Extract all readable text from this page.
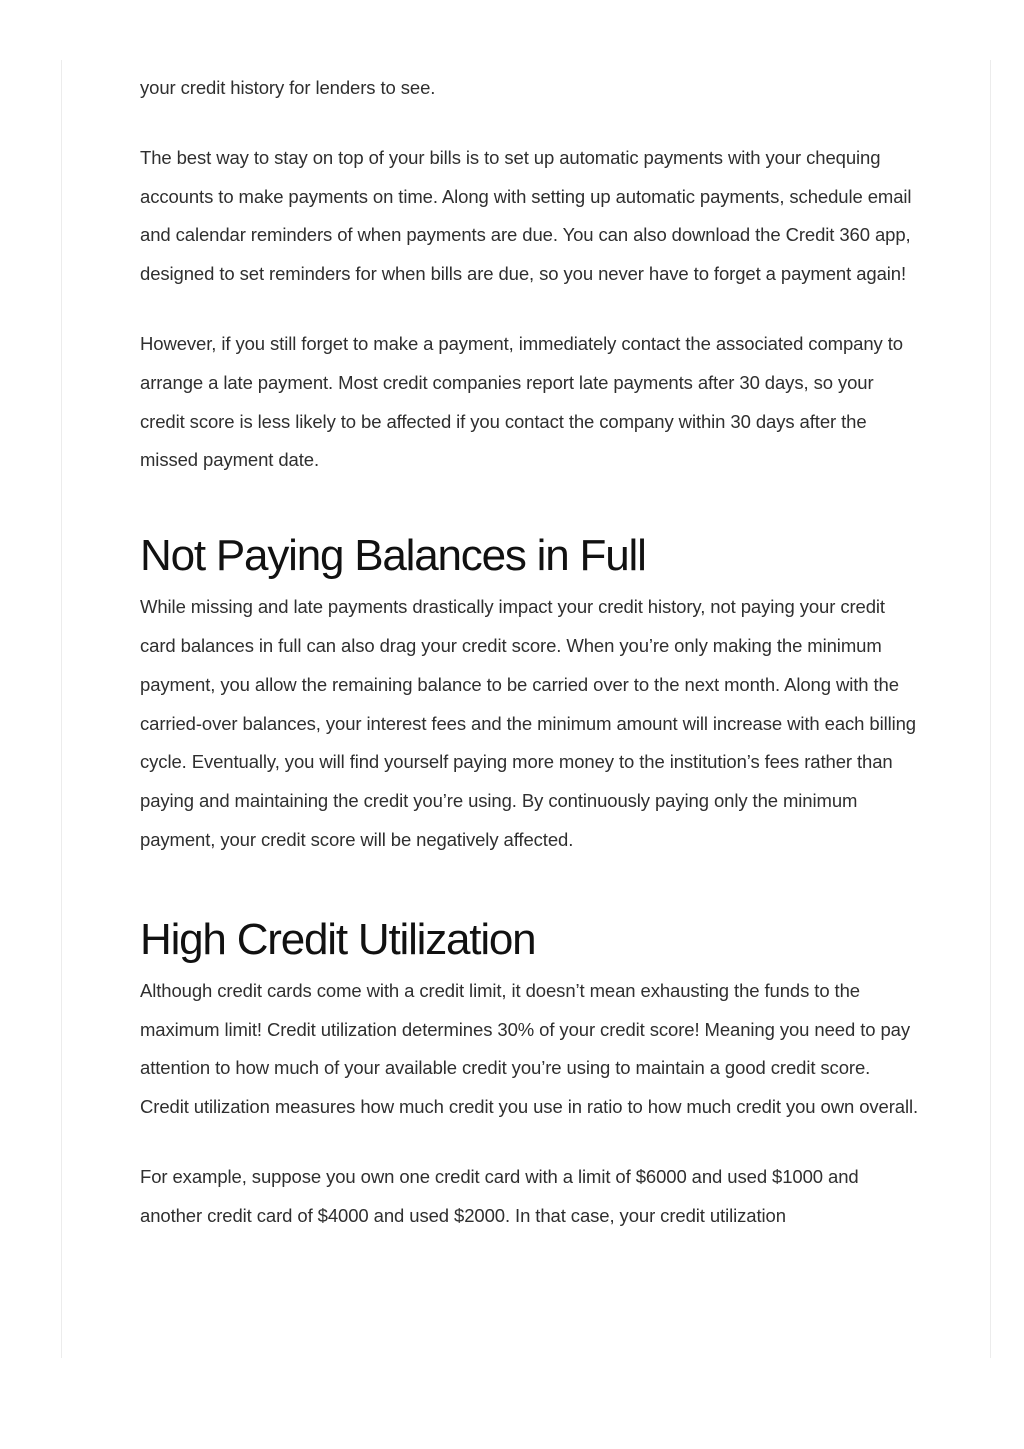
your credit history for lenders to see.

The best way to stay on top of your bills is to set up automatic payments with your chequing accounts to make payments on time. Along with setting up automatic payments, schedule email and calendar reminders of when payments are due. You can also download the Credit 360 app, designed to set reminders for when bills are due, so you never have to forget a payment again!

However, if you still forget to make a payment, immediately contact the associated company to arrange a late payment. Most credit companies report late payments after 30 days, so your credit score is less likely to be affected if you contact the company within 30 days after the missed payment date.

Not Paying Balances in Full

While missing and late payments drastically impact your credit history, not paying your credit card balances in full can also drag your credit score. When you’re only making the minimum payment, you allow the remaining balance to be carried over to the next month. Along with the carried-over balances, your interest fees and the minimum amount will increase with each billing cycle. Eventually, you will find yourself paying more money to the institution’s fees rather than paying and maintaining the credit you’re using. By continuously paying only the minimum payment, your credit score will be negatively affected.

High Credit Utilization

Although credit cards come with a credit limit, it doesn’t mean exhausting the funds to the maximum limit! Credit utilization determines 30% of your credit score! Meaning you need to pay attention to how much of your available credit you’re using to maintain a good credit score. Credit utilization measures how much credit you use in ratio to how much credit you own overall.

For example, suppose you own one credit card with a limit of $6000 and used $1000 and another credit card of $4000 and used $2000. In that case, your credit utilization
